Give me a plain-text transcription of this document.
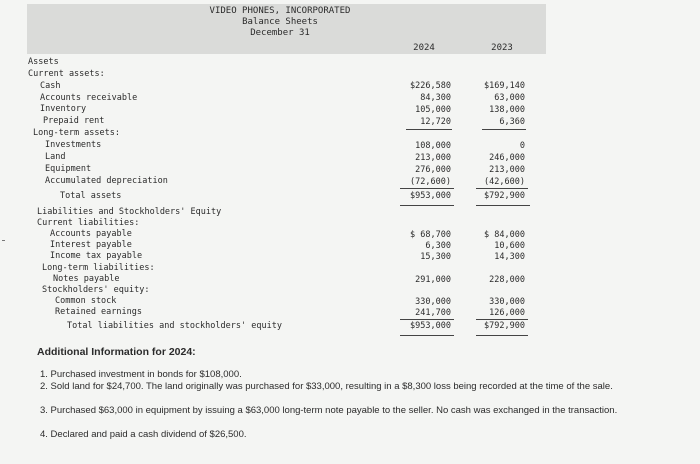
VIDEO PHONES, INCORPORATED
Balance Sheets
December 31
2024	2023
Assets
Current assets:
Cash
Accounts receivable
Inventory
Prepaid rent
Long-term assets:
Investments
Land
Equipment
Accumulated depreciation
Total assets
Liabilities and Stockholders' Equity
Current liabilities:
Accounts payable
Interest payable
Income tax payable
Long-term liabilities:
Notes payable
Stockholders' equity:
Common stock
Retained earnings
Total liabilities and stockholders' equity
$226,580
84,300
105,000
12,720
108,000
213,000
276,000
(72,600)
$953,000
$ 68,700
6,300
15,300
291,000
330,000
241,700
$953,000
$169,140
63,000
138,000
6,360
0
246,000
213,000
(42,600)
$792,900
$ 84,000
10,600
14,300
228,000
330,000
126,000
$792,900
Additional Information for 2024:
1. Purchased investment in bonds for $108,000.
2. Sold land for $24,700. The land originally was purchased for $33,000, resulting in a $8,300 loss being recorded at the time of the sale.
3. Purchased $63,000 in equipment by issuing a $63,000 long-term note payable to the seller. No cash was exchanged in the transaction.
4. Declared and paid a cash dividend of $26,500.
